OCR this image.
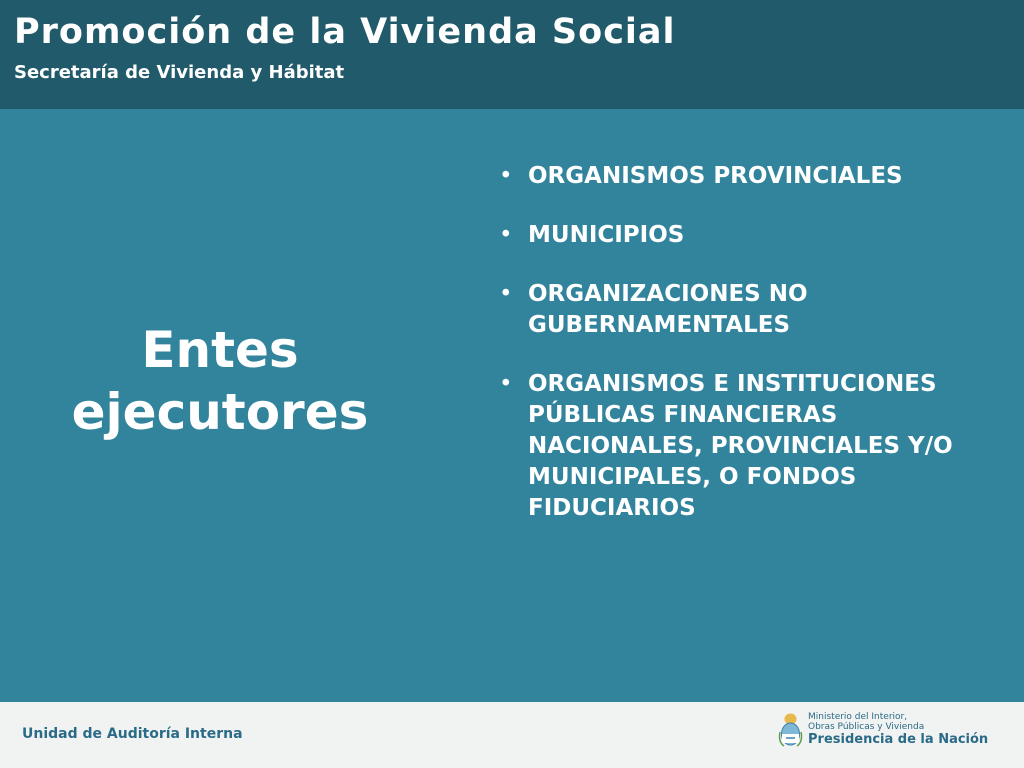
Promoción de la Vivienda Social
Secretaría de Vivienda y Hábitat
Entes
ejecutores
• ORGANISMOS PROVINCIALES
• MUNICIPIOS
• ORGANIZACIONES NO GUBERNAMENTALES
• ORGANISMOS E INSTITUCIONES PÚBLICAS FINANCIERAS NACIONALES, PROVINCIALES Y/O MUNICIPALES, O FONDOS FIDUCIARIOS
Unidad de Auditoría Interna
Ministerio del Interior,
Obras Públicas y Vivienda
Presidencia de la Nación
